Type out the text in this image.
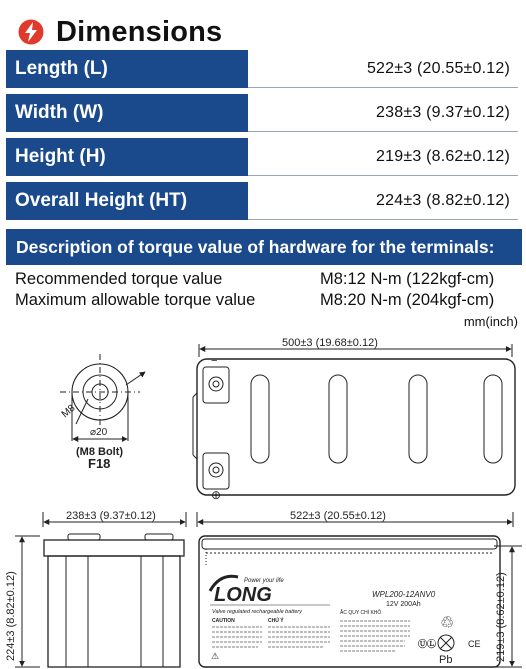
Dimensions
Length (L)	522±3 (20.55±0.12)
Width (W)	238±3 (9.37±0.12)
Height (H)	219±3 (8.62±0.12)
Overall Height (HT)	224±3 (8.82±0.12)
Description of torque value of hardware for the terminals:
Recommended torque value	M8:12 N-m (122kgf-cm)
Maximum allowable torque value	M8:20 N-m (204kgf-cm)
mm(inch)
M8
⌀20
(M8 Bolt)
F18
500±3 (19.68±0.12)
−
⊕
238±3 (9.37±0.12)
224±3 (8.82±0.12)
522±3 (20.55±0.12)
219±3 (8.62±0.12)
LONG
Power your life
Valve regulated rechargeable battery
WPL200-12ANV0
12V 200Ah
ẮC QUY CHÌ KHÔ
CAUTION	CHÚ Ý
⚠
♲
ⓊⓁ
Pb
CE
